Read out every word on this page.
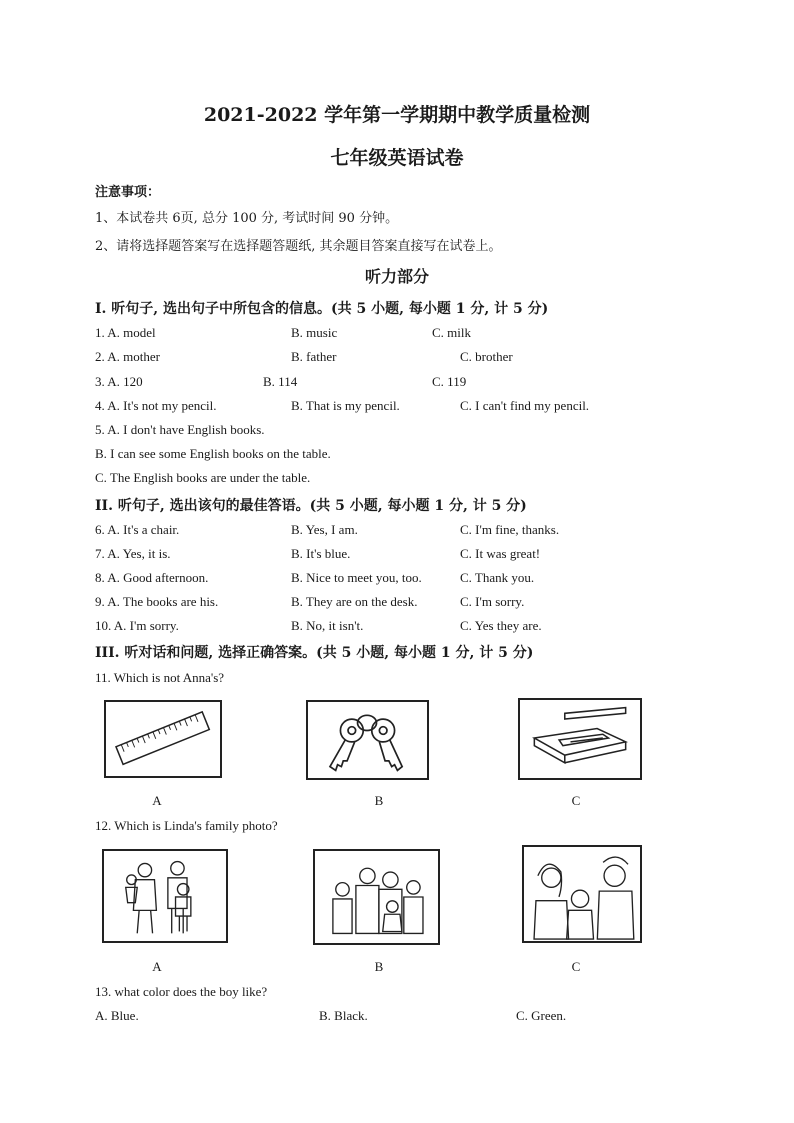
2021-2022 学年第一学期期中教学质量检测
七年级英语试卷
注意事项：
1、本试卷共 6页, 总分 100 分, 考试时间 90 分钟。
2、请将选择题答案写在选择题答题纸, 其余题目答案直接写在试卷上。
听力部分
I. 听句子, 选出句子中所包含的信息。(共 5 小题, 每小题 1 分, 计 5 分)
1. A. model	B. music	C. milk
2. A. mother	B. father	C. brother
3. A. 120	B. 114	C. 119
4. A. It's not my pencil.	B. That is my pencil.	C. I can't find my pencil.
5. A. I don't have English books.
B. I can see some English books on the table.
C. The English books are under the table.
II. 听句子, 选出该句的最佳答语。(共 5 小题, 每小题 1 分, 计 5 分)
6. A. It's a chair.	B. Yes, I am.	C. I'm fine, thanks.
7. A. Yes, it is.	B. It's blue.	C. It was great!
8. A. Good afternoon.	B. Nice to meet you, too.	C. Thank you.
9. A. The books are his.	B. They are on the desk.	C. I'm sorry.
10. A. I'm sorry.	B. No, it isn't.	C. Yes they are.
III. 听对话和问题, 选择正确答案。(共 5 小题, 每小题 1 分, 计 5 分)
11. Which is not Anna's?
A	B	C
12. Which is Linda's family photo?
A	B	C
13. what color does the boy like?
A. Blue.	B. Black.	C. Green.
